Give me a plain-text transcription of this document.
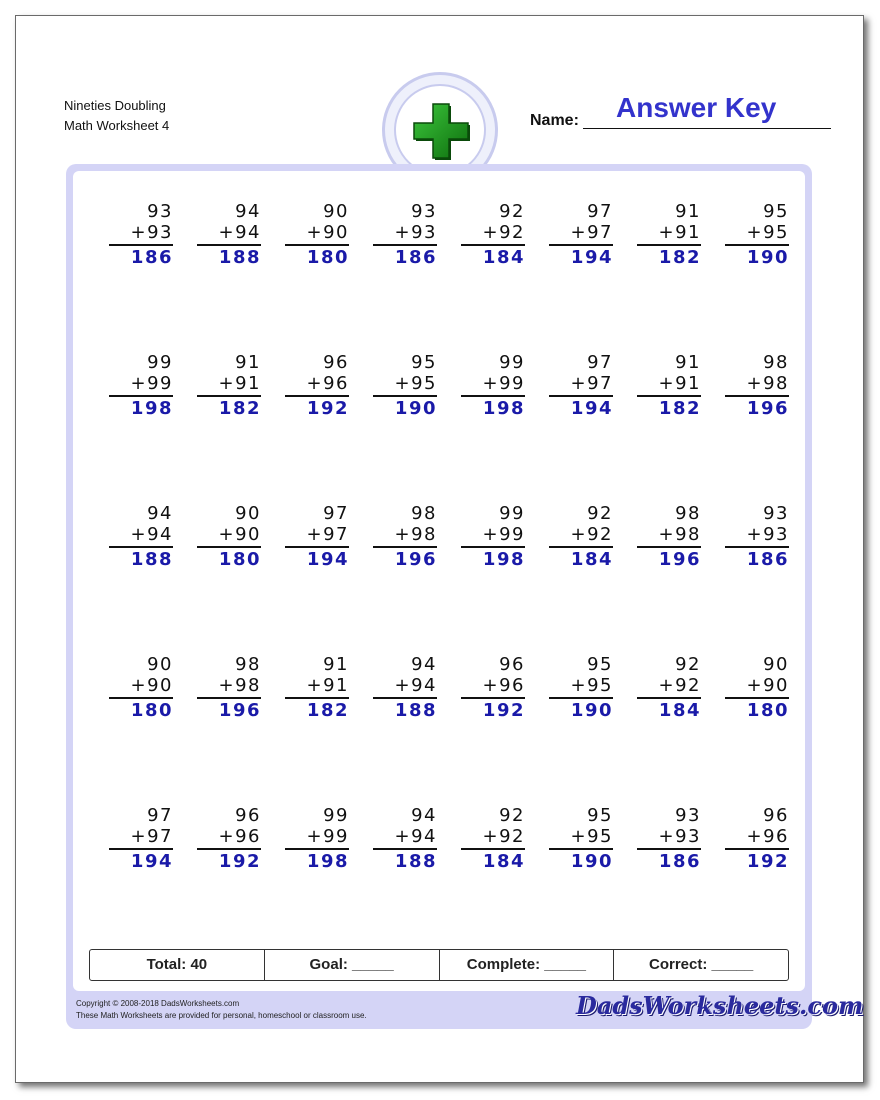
Nineties Doubling
Math Worksheet 4	Name: Answer Key
93
+93
186
94
+94
188
90
+90
180
93
+93
186
92
+92
184
97
+97
194
91
+91
182
95
+95
190
99
+99
198
91
+91
182
96
+96
192
95
+95
190
99
+99
198
97
+97
194
91
+91
182
98
+98
196
94
+94
188
90
+90
180
97
+97
194
98
+98
196
99
+99
198
92
+92
184
98
+98
196
93
+93
186
90
+90
180
98
+98
196
91
+91
182
94
+94
188
96
+96
192
95
+95
190
92
+92
184
90
+90
180
97
+97
194
96
+96
192
99
+99
198
94
+94
188
92
+92
184
95
+95
190
93
+93
186
96
+96
192
Total: 40	Goal: _____	Complete: _____	Correct: _____
Copyright © 2008-2018 DadsWorksheets.com
These Math Worksheets are provided for personal, homeschool or classroom use.	DadsWorksheets.com
